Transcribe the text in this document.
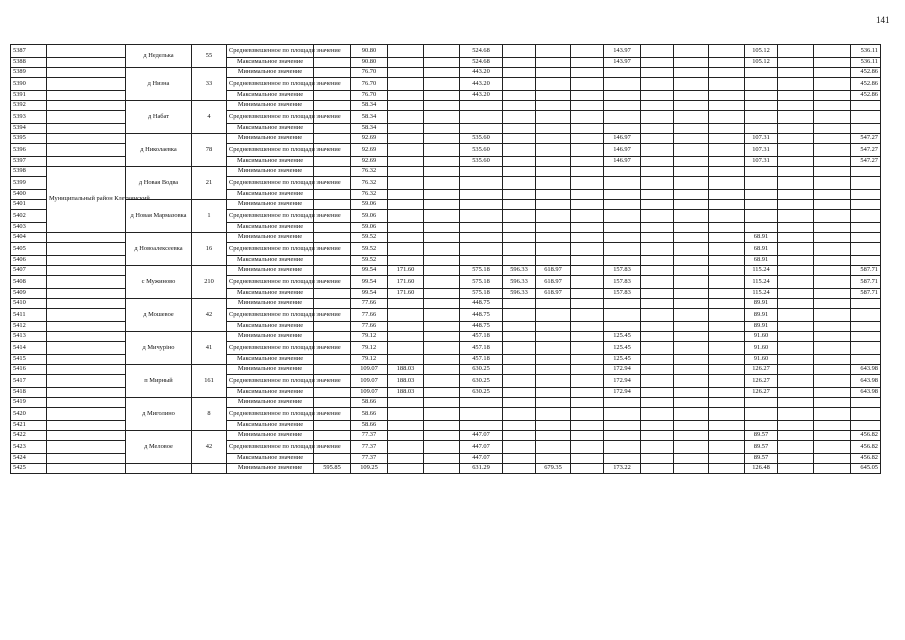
141
5387		д Неделька	55	Средневзвешенное по площади значение		90.80			524.68				143.97				105.12			536.11
5388				Максимальное значение		90.80			524.68				143.97				105.12			536.11
5389		д Низна	33	Минимальное значение		76.70			443.20											452.86
5390				Средневзвешенное по площади значение		76.70			443.20											452.86
5391				Максимальное значение		76.70			443.20											452.86
5392		д Набат	4	Минимальное значение		58.34														
5393				Средневзвешенное по площади значение		58.34														
5394				Максимальное значение		58.34														
5395		д Николаевка	78	Минимальное значение		92.69			535.60				146.97				107.31			547.27
5396				Средневзвешенное по площади значение		92.69			535.60				146.97				107.31			547.27
5397				Максимальное значение		92.69			535.60				146.97				107.31			547.27
5398	Муниципальный район Клетнянский	д Новая Водва	21	Минимальное значение		76.32														
5399				Средневзвешенное по площади значение		76.32														
5400				Максимальное значение		76.32														
5401		д Новая Мармазовка	1	Минимальное значение		59.06														
5402				Средневзвешенное по площади значение		59.06														
5403				Максимальное значение		59.06														
5404		д Новоалексеевка	16	Минимальное значение		59.52											68.91			
5405				Средневзвешенное по площади значение		59.52											68.91			
5406				Максимальное значение		59.52											68.91			
5407		с Мужиново	210	Минимальное значение		99.54	171.60		575.18	596.33	618.97		157.83				115.24			587.71
5408				Средневзвешенное по площади значение		99.54	171.60		575.18	596.33	618.97		157.83				115.24			587.71
5409				Максимальное значение		99.54	171.60		575.18	596.33	618.97		157.83				115.24			587.71
5410		д Мошевое	42	Минимальное значение		77.66			448.75								89.91			
5411				Средневзвешенное по площади значение		77.66			448.75								89.91			
5412				Максимальное значение		77.66			448.75								89.91			
5413		д Мичуріно	41	Минимальное значение		79.12			457.18				125.45				91.60			
5414				Средневзвешенное по площади значение		79.12			457.18				125.45				91.60			
5415				Максимальное значение		79.12			457.18				125.45				91.60			
5416		п Мирный	161	Минимальное значение		109.07	188.03		630.25				172.94				126.27			643.98
5417				Средневзвешенное по площади значение		109.07	188.03		630.25				172.94				126.27			643.98
5418				Максимальное значение		109.07	188.03		630.25				172.94				126.27			643.98
5419		д Миголино	8	Минимальное значение		58.66														
5420				Средневзвешенное по площади значение		58.66														
5421				Максимальное значение		58.66														
5422		д Меловое	42	Минимальное значение		77.37			447.07								89.57			456.82
5423				Средневзвешенное по площади значение		77.37			447.07								89.57			456.82
5424				Максимальное значение		77.37			447.07								89.57			456.82
5425				Минимальное значение	595.85	109.25			631.29		679.35		173.22				126.48			645.05
